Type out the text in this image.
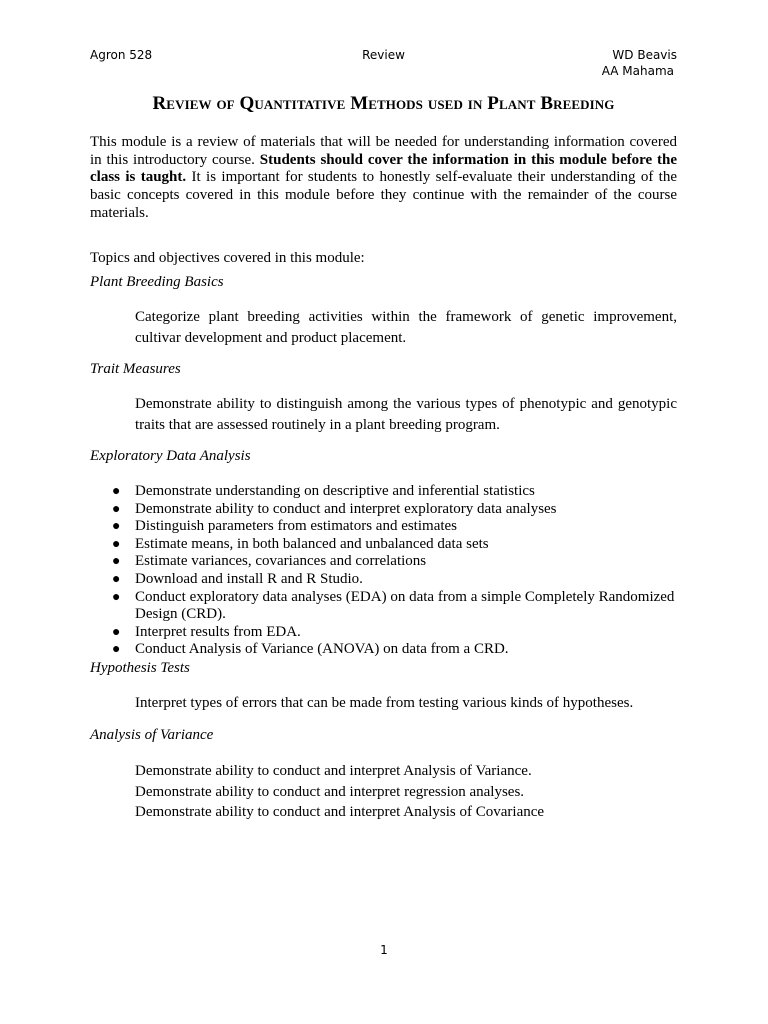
Agron 528	Review	WD Beavis
AA Mahama
Review of Quantitative Methods used in Plant Breeding
This module is a review of materials that will be needed for understanding information covered in this introductory course. Students should cover the information in this module before the class is taught. It is important for students to honestly self-evaluate their understanding of the basic concepts covered in this module before they continue with the remainder of the course materials.
Topics and objectives covered in this module:
Plant Breeding Basics
Categorize plant breeding activities within the framework of genetic improvement, cultivar development and product placement.
Trait Measures
Demonstrate ability to distinguish among the various types of phenotypic and genotypic traits that are assessed routinely in a plant breeding program.
Exploratory Data Analysis
● Demonstrate understanding on descriptive and inferential statistics
● Demonstrate ability to conduct and interpret exploratory data analyses
● Distinguish parameters from estimators and estimates
● Estimate means, in both balanced and unbalanced data sets
● Estimate variances, covariances and correlations
● Download and install R and R Studio.
● Conduct exploratory data analyses (EDA) on data from a simple Completely Randomized Design (CRD).
● Interpret results from EDA.
● Conduct Analysis of Variance (ANOVA) on data from a CRD.
Hypothesis Tests
Interpret types of errors that can be made from testing various kinds of hypotheses.
Analysis of Variance
Demonstrate ability to conduct and interpret Analysis of Variance.
Demonstrate ability to conduct and interpret regression analyses.
Demonstrate ability to conduct and interpret Analysis of Covariance
1
